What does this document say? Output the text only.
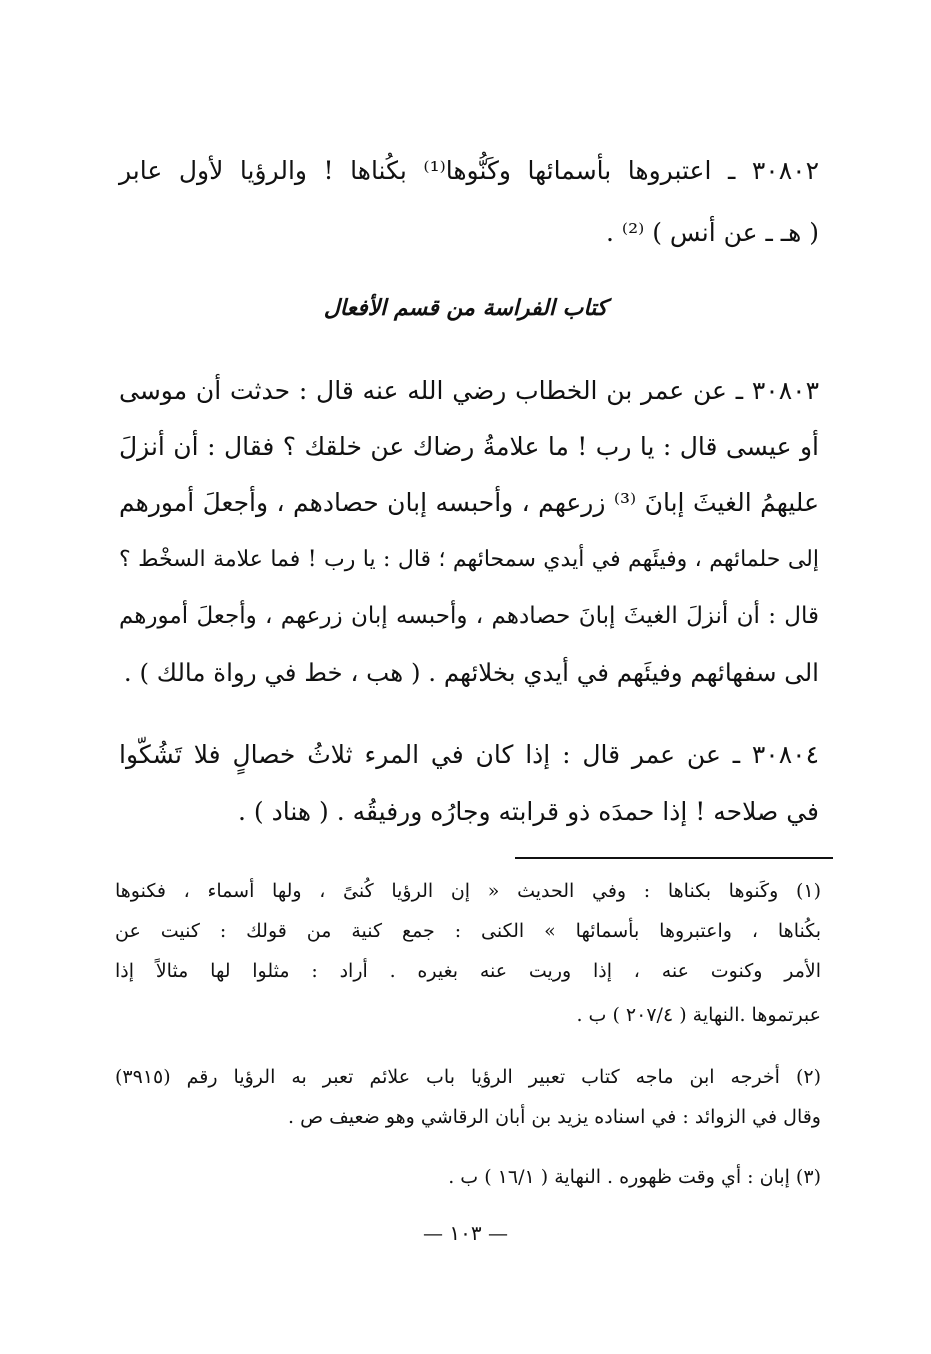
٣٠٨٠٢ ـ اعتبروها بأسمائها وكَنُّوها⁽¹⁾ بكُناها ! والرؤيا لأول عابر
( هـ ـ عن أنس ) ⁽²⁾ .
كتاب الفراسة من قسم الأفعال
٣٠٨٠٣ ـ عن عمر بن الخطاب رضي الله عنه قال : حدثت أن موسى
أو عيسى قال : يا رب ! ما علامةُ رضاك عن خلقك ؟ فقال : أن أنزلَ
عليهمُ الغيثَ إبانَ ⁽³⁾ زرعهم ، وأحبسه إبان حصادهم ، وأجعلَ أمورهم
إلى حلمائهم ، وفيئَهم في أيدي سمحائهم ؛ قال : يا رب ! فما علامة السخْط ؟
قال : أن أنزلَ الغيثَ إبانَ حصادهم ، وأحبسه إبان زرعهم ، وأجعلَ أمورهم
الى سفهائهم وفيئَهم في أيدي بخلائهم . ( هب ، خط في رواة مالك ) .
٣٠٨٠٤ ـ عن عمر قال : إذا كان في المرء ثلاثُ خصالٍ فلا تَشُكّوا
في صلاحه ! إذا حمدَه ذو قرابته وجارُه ورفيقُه . ( هناد ) .
(١) وكَنوها بكناها : وفي الحديث « إن الرؤيا كُنىً ، ولها أسماء ، فكنوها
بكُناها ، واعتبروها بأسمائها » الكنى : جمع كنية من قولك : كنيت عن
الأمر وكنوت عنه ، إذا وريت عنه بغيره . أراد : مثلوا لها مثالاً إذا
عبرتموها .النهاية ( ٢٠٧/٤ ) ب .
(٢) أخرجه ابن ماجه كتاب تعبير الرؤيا باب علائم تعبر به الرؤيا رقم (٣٩١٥)
وقال في الزوائد : في اسناده يزيد بن أبان الرقاشي وهو ضعيف ص .
(٣) إبان : أي وقت ظهوره . النهاية ( ١٦/١ ) ب .
— ١٠٣ —
